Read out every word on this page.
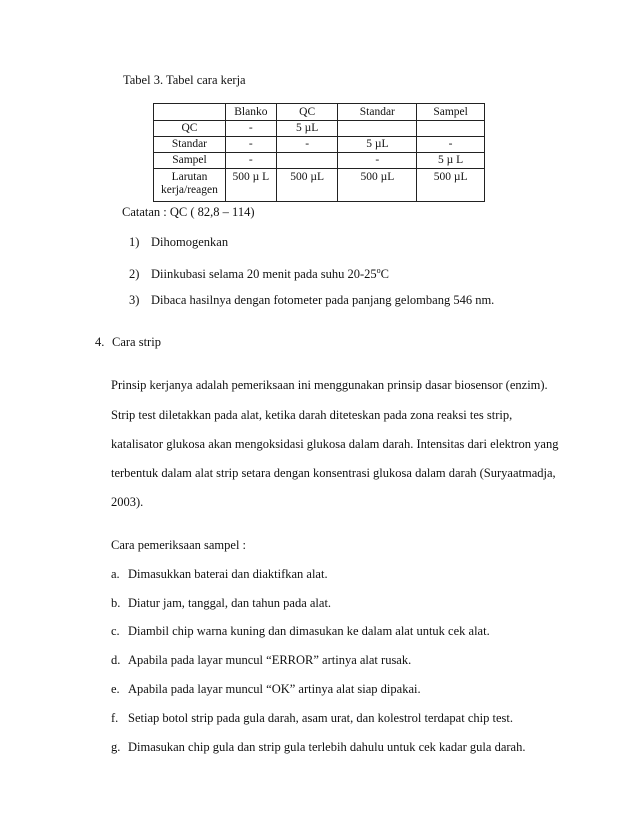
Tabel 3. Tabel cara kerja
	Blanko	QC	Standar	Sampel
QC	-	5 µL		
Standar	-	-	5 µL	-
Sampel	-		-	5 µ L
Larutan
kerja/reagen	500 µ L	500 µL	500 µL	500 µL
Catatan : QC ( 82,8 – 114)
1) Dihomogenkan
2) Diinkubasi selama 20 menit pada suhu 20-25$^o$C
3) Dibaca hasilnya dengan fotometer pada panjang gelombang 546 nm.
4. Cara strip
Prinsip kerjanya adalah pemeriksaan ini menggunakan prinsip dasar biosensor (enzim).
Strip test diletakkan pada alat, ketika darah diteteskan pada zona reaksi tes strip,
katalisator glukosa akan mengoksidasi glukosa dalam darah. Intensitas dari elektron yang
terbentuk dalam alat strip setara dengan konsentrasi glukosa dalam darah (Suryaatmadja,
2003).
Cara pemeriksaan sampel :
a. Dimasukkan baterai dan diaktifkan alat.
b. Diatur jam, tanggal, dan tahun pada alat.
c. Diambil chip warna kuning dan dimasukan ke dalam alat untuk cek alat.
d. Apabila pada layar muncul “ERROR” artinya alat rusak.
e. Apabila pada layar muncul “OK” artinya alat siap dipakai.
f. Setiap botol strip pada gula darah, asam urat, dan kolestrol terdapat chip test.
g. Dimasukan chip gula dan strip gula terlebih dahulu untuk cek kadar gula darah.
